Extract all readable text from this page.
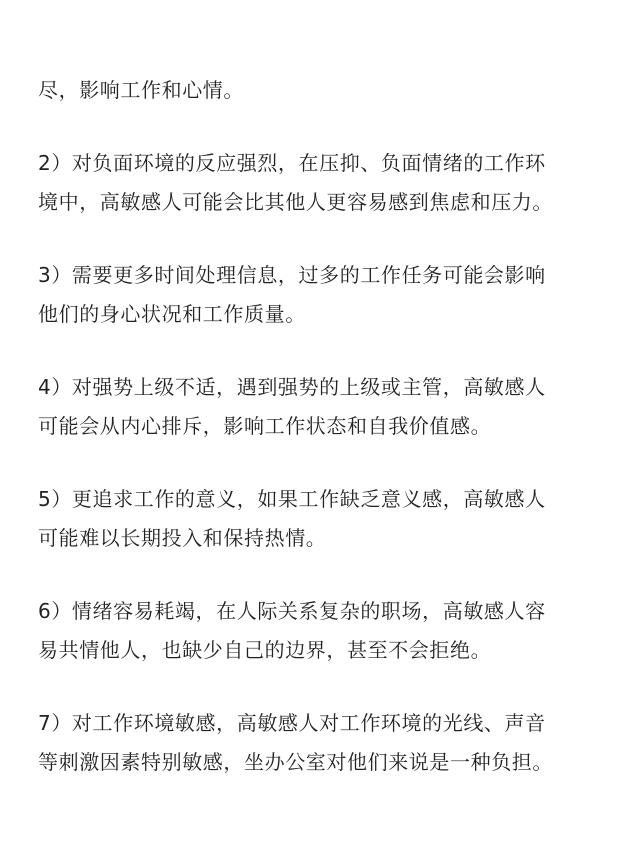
尽，影响工作和心情。
2）对负面环境的反应强烈，在压抑、负面情绪的工作环
境中，高敏感人可能会比其他人更容易感到焦虑和压力。
3）需要更多时间处理信息，过多的工作任务可能会影响
他们的身心状况和工作质量。
4）对强势上级不适，遇到强势的上级或主管，高敏感人
可能会从内心排斥，影响工作状态和自我价值感。
5）更追求工作的意义，如果工作缺乏意义感，高敏感人
可能难以长期投入和保持热情。
6）情绪容易耗竭，在人际关系复杂的职场，高敏感人容
易共情他人，也缺少自己的边界，甚至不会拒绝。
7）对工作环境敏感，高敏感人对工作环境的光线、声音
等刺激因素特别敏感，坐办公室对他们来说是一种负担。
